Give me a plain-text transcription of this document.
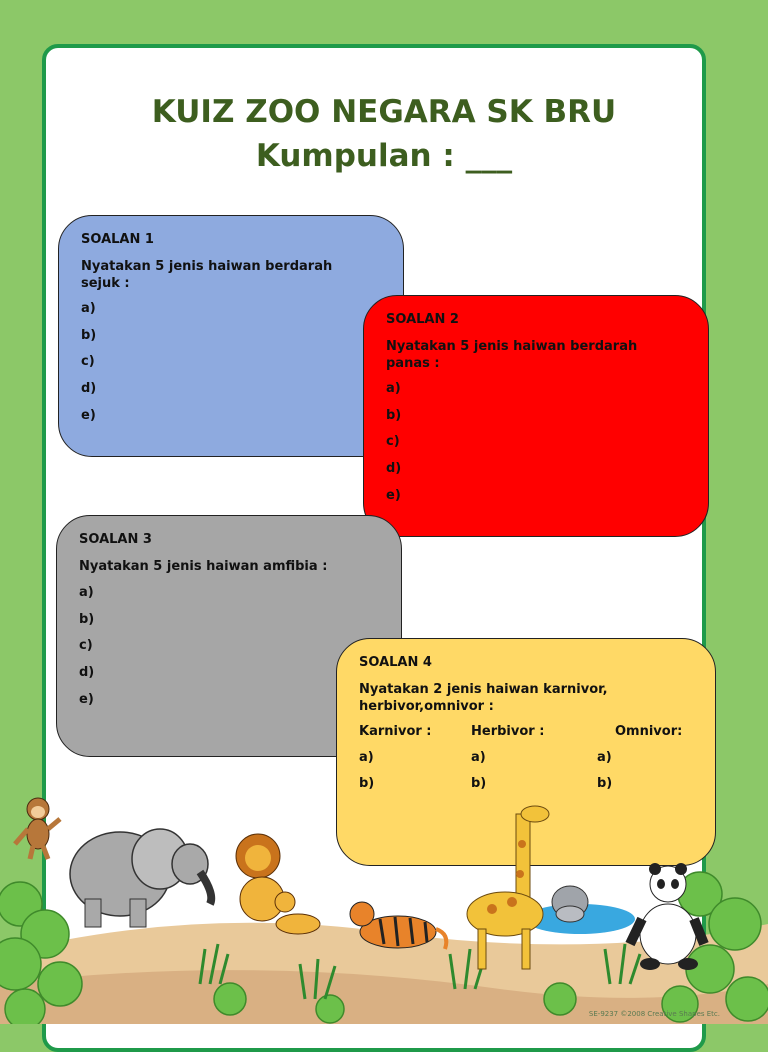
KUIZ ZOO NEGARA SK BRU
Kumpulan : ___
SOALAN 1

Nyatakan 5 jenis haiwan berdarah sejuk :

a)
b)
c)
d)
e)
SOALAN 2

Nyatakan 5 jenis haiwan berdarah panas :

a)
b)
c)
d)
e)
SOALAN 3

Nyatakan 5 jenis haiwan amfibia :

a)
b)
c)
d)
e)
SOALAN 4

Nyatakan 2 jenis haiwan karnivor, herbivor,omnivor :

Karnivor :	Herbivor :	Omnivor:
a)	a)	a)
b)	b)	b)
SE-9237 ©2008 Creative Shapes Etc.
